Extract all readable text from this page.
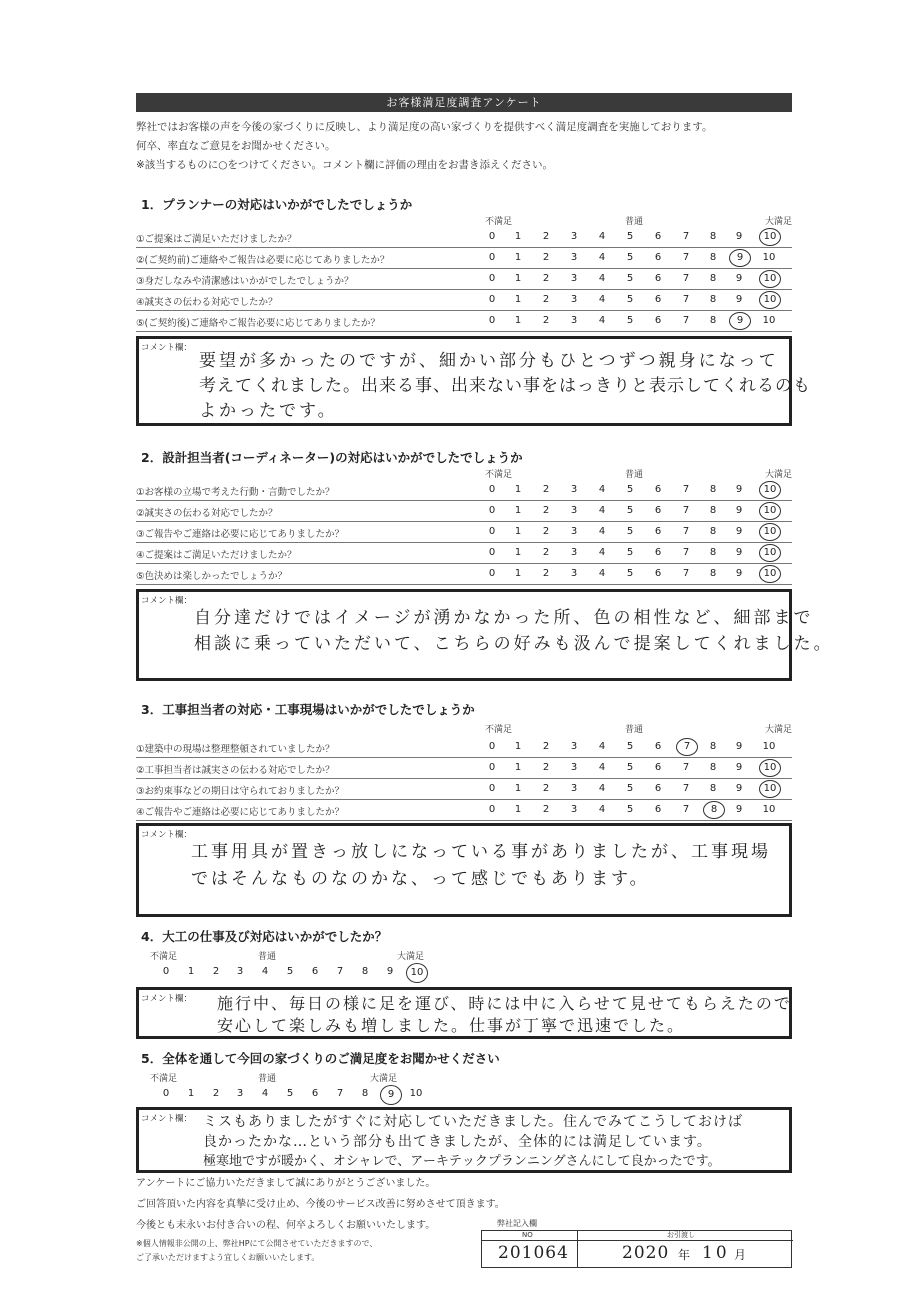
お客様満足度調査アンケート
弊社ではお客様の声を今後の家づくりに反映し、より満足度の高い家づくりを提供すべく満足度調査を実施しております。
何卒、率直なご意見をお聞かせください。
※該当するものに○をつけてください。コメント欄に評価の理由をお書き添えください。
1．プランナーの対応はいかがでしたでしょうか
不満足	普通	大満足
①ご提案はご満足いただけましたか？	0	1	2	3	4	5	6	7	8	9	10
②(ご契約前)ご連絡やご報告は必要に応じてありましたか？	0	1	2	3	4	5	6	7	8	9	10
③身だしなみや清潔感はいかがでしたでしょうか？	0	1	2	3	4	5	6	7	8	9	10
④誠実さの伝わる対応でしたか？	0	1	2	3	4	5	6	7	8	9	10
⑤(ご契約後)ご連絡やご報告必要に応じてありましたか？	0	1	2	3	4	5	6	7	8	9	10
コメント欄：
要望が多かったのですが、細かい部分もひとつずつ親身になって
考えてくれました。出来る事、出来ない事をはっきりと表示してくれるのも
よかったです。
2．設計担当者(コーディネーター)の対応はいかがでしたでしょうか
不満足	普通	大満足
①お客様の立場で考えた行動・言動でしたか？	0	1	2	3	4	5	6	7	8	9	10
②誠実さの伝わる対応でしたか？	0	1	2	3	4	5	6	7	8	9	10
③ご報告やご連絡は必要に応じてありましたか？	0	1	2	3	4	5	6	7	8	9	10
④ご提案はご満足いただけましたか？	0	1	2	3	4	5	6	7	8	9	10
⑤色決めは楽しかったでしょうか？	0	1	2	3	4	5	6	7	8	9	10
コメント欄：
自分達だけではイメージが湧かなかった所、色の相性など、細部まで
相談に乗っていただいて、こちらの好みも汲んで提案してくれました。
3．工事担当者の対応・工事現場はいかがでしたでしょうか
不満足	普通	大満足
①建築中の現場は整理整頓されていましたか？	0	1	2	3	4	5	6	7	8	9	10
②工事担当者は誠実さの伝わる対応でしたか？	0	1	2	3	4	5	6	7	8	9	10
③お約束事などの期日は守られておりましたか？	0	1	2	3	4	5	6	7	8	9	10
④ご報告やご連絡は必要に応じてありましたか？	0	1	2	3	4	5	6	7	8	9	10
コメント欄：
工事用具が置きっ放しになっている事がありましたが、工事現場
ではそんなものなのかな、って感じでもあります。
4．大工の仕事及び対応はいかがでしたか？
不満足	普通	大満足
0	1	2	3	4	5	6	7	8	9	10
コメント欄： 施行中、毎日の様に足を運び、時には中に入らせて見せてもらえたので
安心して楽しみも増しました。仕事が丁寧で迅速でした。
5．全体を通して今回の家づくりのご満足度をお聞かせください
不満足	普通	大満足
0	1	2	3	4	5	6	7	8	9	10
コメント欄： ミスもありましたがすぐに対応していただきました。住んでみてこうしておけば
良かったかな…という部分も出てきましたが、全体的には満足しています。
極寒地ですが暖かく、オシャレで、アーキテックプランニングさんにして良かったです。
アンケートにご協力いただきまして誠にありがとうございました。
ご回答頂いた内容を真摯に受け止め、今後のサービス改善に努めさせて頂きます。
今後とも末永いお付き合いの程、何卒よろしくお願いいたします。
※個人情報非公開の上、弊社HPにて公開させていただきますので、
ご了承いただけますよう宜しくお願いいたします。
弊社記入欄
NO	お引渡し
201064	2020 年 10 月
